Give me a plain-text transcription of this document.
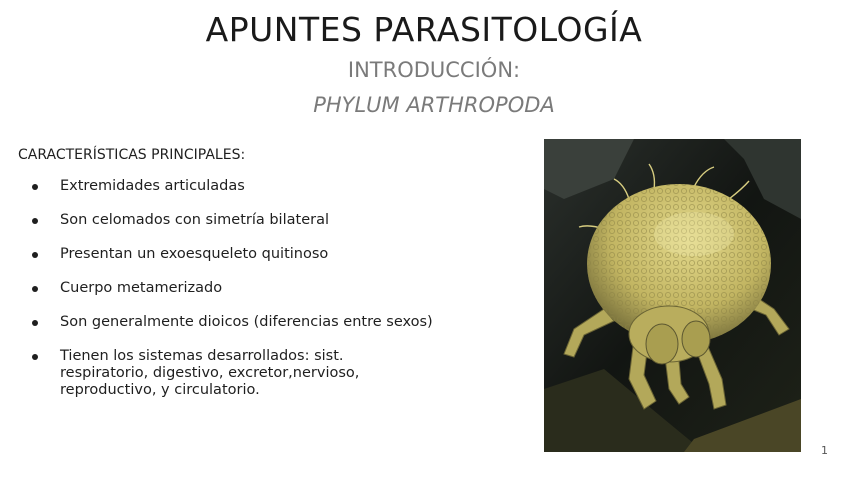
APUNTES PARASITOLOGÍA
INTRODUCCIÓN:
PHYLUM ARTHROPODA
CARACTERÍSTICAS PRINCIPALES:
Extremidades articuladas
Son celomados con simetría bilateral
Presentan un exoesqueleto quitinoso
Cuerpo metamerizado
Son generalmente dioicos (diferencias entre sexos)
Tienen los sistemas desarrollados: sist. respiratorio, digestivo, excretor,nervioso, reproductivo, y circulatorio.
1
